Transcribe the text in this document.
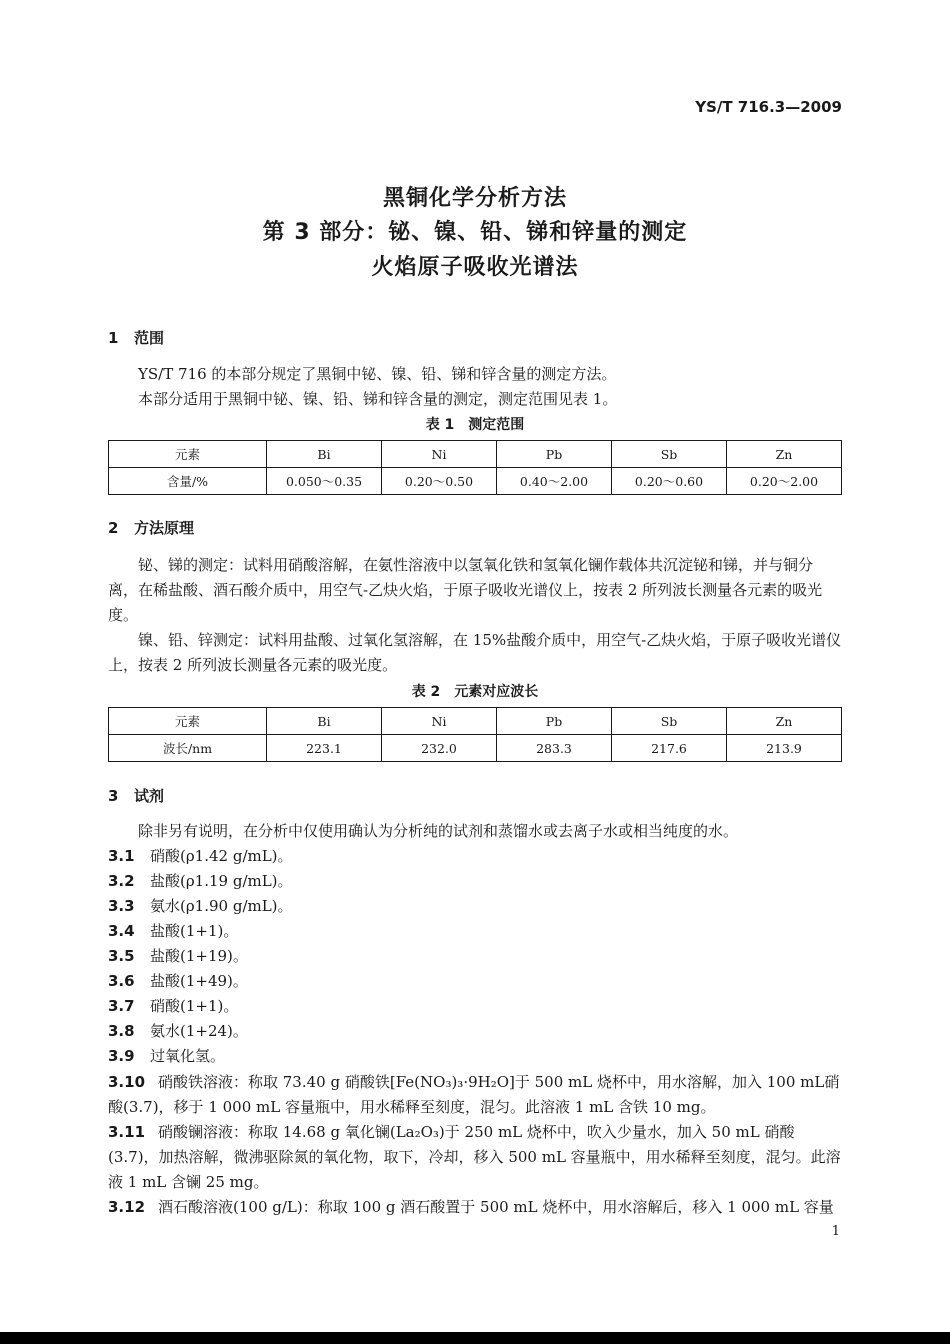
YS/T 716.3—2009
黑铜化学分析方法
第 3 部分：铋、镍、铅、锑和锌量的测定
火焰原子吸收光谱法
1 范围
YS/T 716 的本部分规定了黑铜中铋、镍、铅、锑和锌含量的测定方法。
本部分适用于黑铜中铋、镍、铅、锑和锌含量的测定，测定范围见表 1。
表 1　测定范围
元素	Bi	Ni	Pb	Sb	Zn
含量/%	0.050～0.35	0.20～0.50	0.40～2.00	0.20～0.60	0.20～2.00
2 方法原理
铋、锑的测定：试料用硝酸溶解，在氨性溶液中以氢氧化铁和氢氧化镧作载体共沉淀铋和锑，并与铜分离，在稀盐酸、酒石酸介质中，用空气-乙炔火焰，于原子吸收光谱仪上，按表 2 所列波长测量各元素的吸光度。
镍、铅、锌测定：试料用盐酸、过氧化氢溶解，在 15%盐酸介质中，用空气-乙炔火焰，于原子吸收光谱仪上，按表 2 所列波长测量各元素的吸光度。
表 2　元素对应波长
元素	Bi	Ni	Pb	Sb	Zn
波长/nm	223.1	232.0	283.3	217.6	213.9
3 试剂
除非另有说明，在分析中仅使用确认为分析纯的试剂和蒸馏水或去离子水或相当纯度的水。
3.1 硝酸(ρ1.42 g/mL)。
3.2 盐酸(ρ1.19 g/mL)。
3.3 氨水(ρ1.90 g/mL)。
3.4 盐酸(1+1)。
3.5 盐酸(1+19)。
3.6 盐酸(1+49)。
3.7 硝酸(1+1)。
3.8 氨水(1+24)。
3.9 过氧化氢。
3.10 硝酸铁溶液：称取 73.40 g 硝酸铁[Fe(NO₃)₃·9H₂O]于 500 mL 烧杯中，用水溶解，加入 100 mL硝酸(3.7)，移于 1 000 mL 容量瓶中，用水稀释至刻度，混匀。此溶液 1 mL 含铁 10 mg。
3.11 硝酸镧溶液：称取 14.68 g 氧化镧(La₂O₃)于 250 mL 烧杯中，吹入少量水，加入 50 mL 硝酸(3.7)，加热溶解，微沸驱除氮的氧化物，取下，冷却，移入 500 mL 容量瓶中，用水稀释至刻度，混匀。此溶液 1 mL 含镧 25 mg。
3.12 酒石酸溶液(100 g/L)：称取 100 g 酒石酸置于 500 mL 烧杯中，用水溶解后，移入 1 000 mL 容量
1
